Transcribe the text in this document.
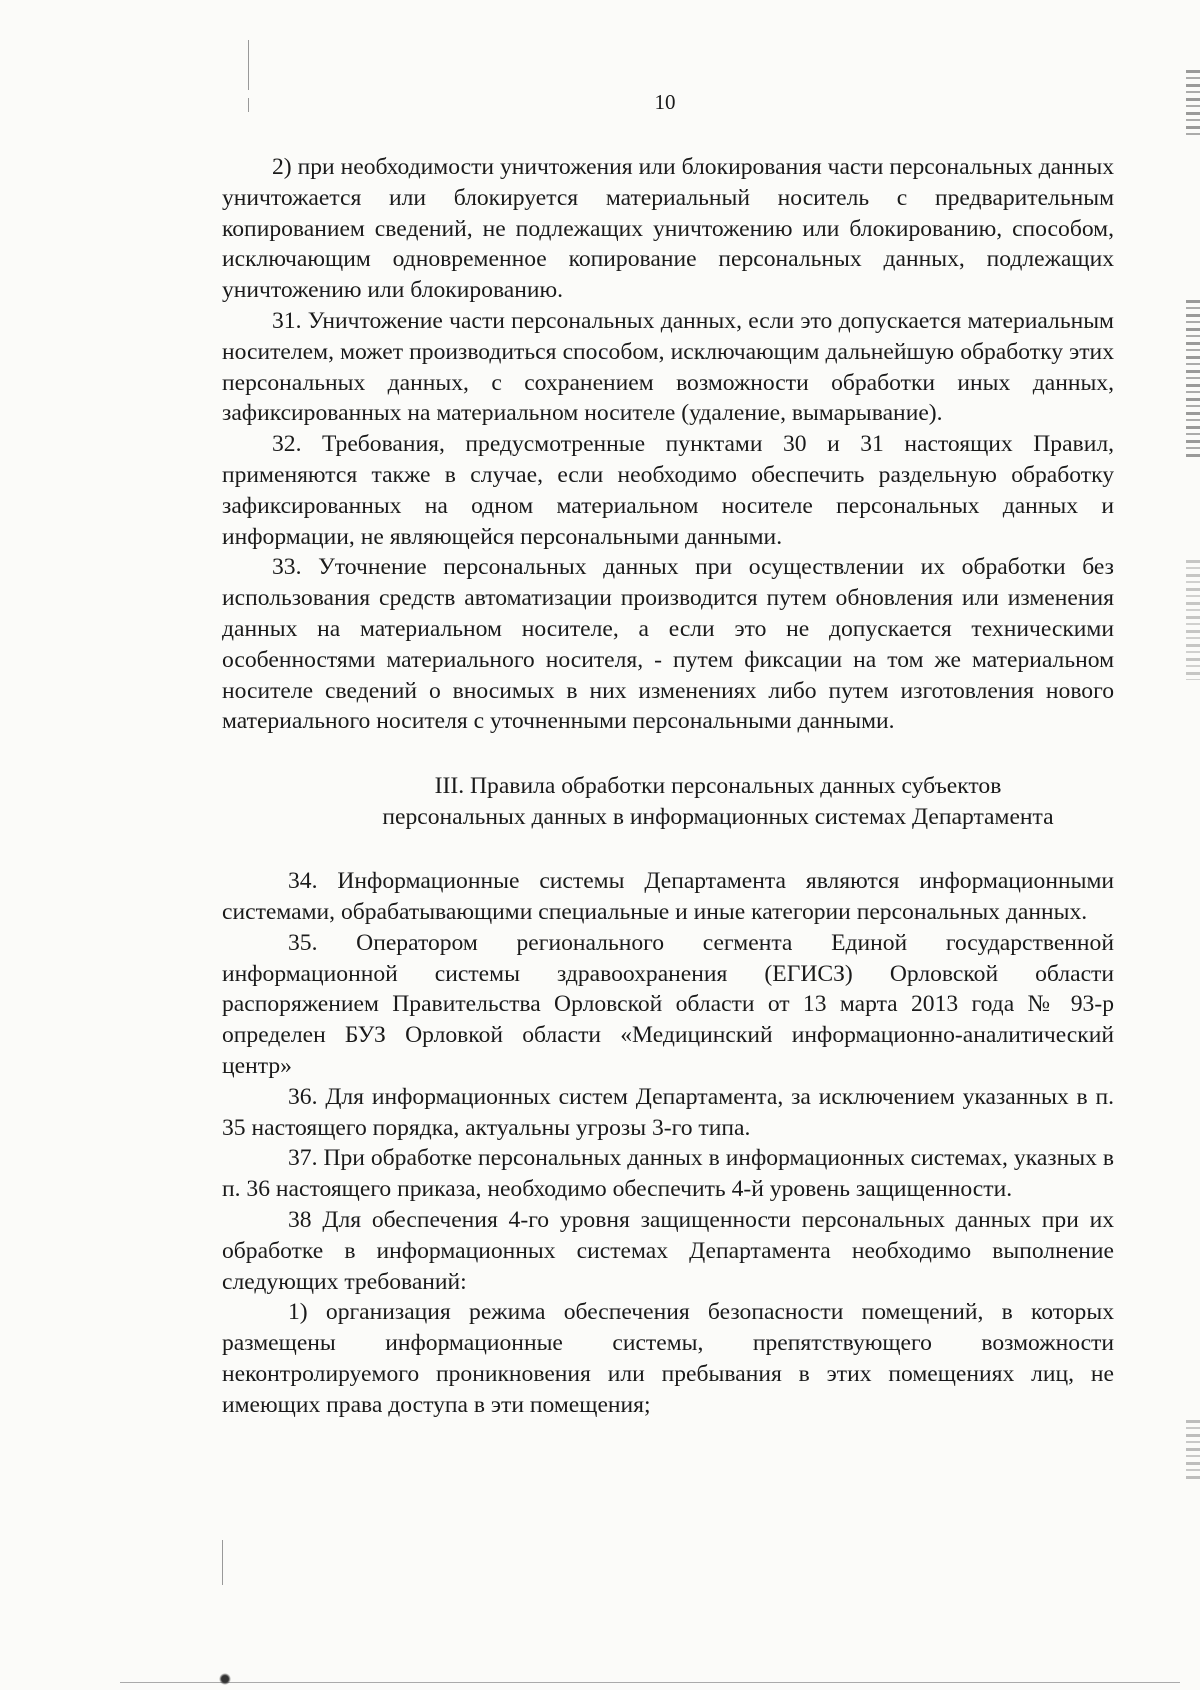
10

2) при необходимости уничтожения или блокирования части персональных данных уничтожается или блокируется материальный носитель с предварительным копированием сведений, не подлежащих уничтожению или блокированию, способом, исключающим одновременное копирование персональных данных, подлежащих уничтожению или блокированию.

31. Уничтожение части персональных данных, если это допускается материальным носителем, может производиться способом, исключающим дальнейшую обработку этих персональных данных, с сохранением возможности обработки иных данных, зафиксированных на материальном носителе (удаление, вымарывание).

32. Требования, предусмотренные пунктами 30 и 31 настоящих Правил, применяются также в случае, если необходимо обеспечить раздельную обработку зафиксированных на одном материальном носителе персональных данных и информации, не являющейся персональными данными.

33. Уточнение персональных данных при осуществлении их обработки без использования средств автоматизации производится путем обновления или изменения данных на материальном носителе, а если это не допускается техническими особенностями материального носителя, - путем фиксации на том же материальном носителе сведений о вносимых в них изменениях либо путем изготовления нового материального носителя с уточненными персональными данными.

III. Правила обработки персональных данных субъектов
персональных данных в информационных системах Департамента

34. Информационные системы Департамента являются информационными системами, обрабатывающими специальные и иные категории персональных данных.

35. Оператором регионального сегмента Единой государственной информационной системы здравоохранения (ЕГИСЗ) Орловской области распоряжением Правительства Орловской области от 13 марта 2013 года № 93-р определен БУЗ Орловкой области «Медицинский информационно-аналитический центр»

36. Для информационных систем Департамента, за исключением указанных в п. 35 настоящего порядка, актуальны угрозы 3-го типа.

37. При обработке персональных данных в информационных системах, указных в п. 36 настоящего приказа, необходимо обеспечить 4-й уровень защищенности.

38 Для обеспечения 4-го уровня защищенности персональных данных при их обработке в информационных системах Департамента необходимо выполнение следующих требований:

1) организация режима обеспечения безопасности помещений, в которых размещены информационные системы, препятствующего возможности неконтролируемого проникновения или пребывания в этих помещениях лиц, не имеющих права доступа в эти помещения;
